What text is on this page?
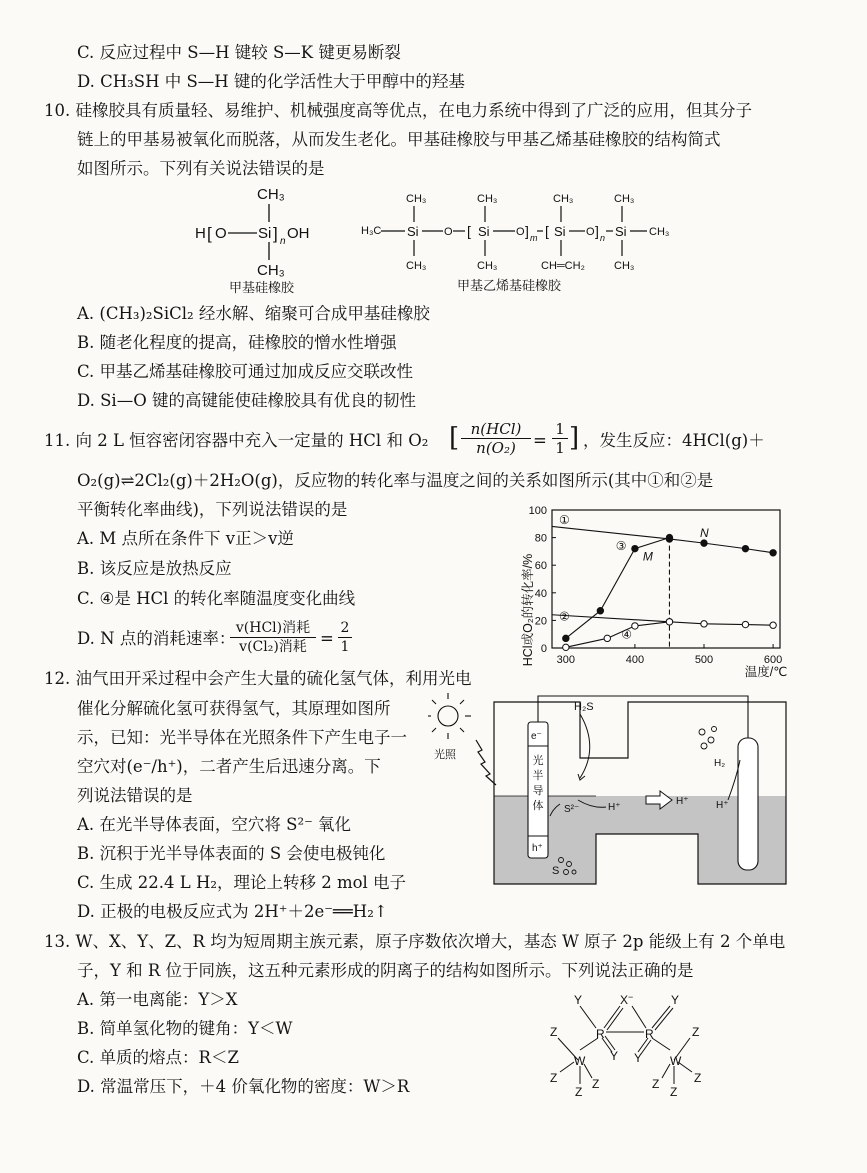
C. 反应过程中 S—H 键较 S—K 键更易断裂
D. CH₃SH 中 S—H 键的化学活性大于甲醇中的羟基
10. 硅橡胶具有质量轻、易维护、机械强度高等优点，在电力系统中得到了广泛的应用，但其分子
链上的甲基易被氧化而脱落，从而发生老化。甲基硅橡胶与甲基乙烯基硅橡胶的结构简式
如图所示。下列有关说法错误的是
CH₃
H [ O Si ] n OH
CH₃
甲基硅橡胶
H₃C Si
CH₃
CH₃
O [ Si
CH₃
CH₃
O ] m [ Si
CH₃
CH═CH₂
O ] n Si
CH₃
CH₃
CH₃
甲基乙烯基硅橡胶
A. (CH₃)₂SiCl₂ 经水解、缩聚可合成甲基硅橡胶
B. 随老化程度的提高，硅橡胶的憎水性增强
C. 甲基乙烯基硅橡胶可通过加成反应交联改性
D. Si—O 键的高键能使硅橡胶具有优良的韧性
11. 向 2 L 恒容密闭容器中充入一定量的 HCl 和 O₂ [ n(HCl)
n(O₂)	=
1
1 ] ，发生反应：4HCl(g)＋
O₂(g)⇌2Cl₂(g)＋2H₂O(g)，反应物的转化率与温度之间的关系如图所示(其中①和②是
平衡转化率曲线)，下列说法错误的是
A. M 点所在条件下 v正＞v逆
B. 该反应是放热反应
C. ④是 HCl 的转化率随温度变化曲线
D. N 点的消耗速率：
v(HCl)消耗
v(Cl₂)消耗 =
2
1	HCl或O₂的转化率/% 0
20
40
60
80
100
300	400	500	600
①
②
③
④
M
N
温度/℃
12. 油气田开采过程中会产生大量的硫化氢气体，利用光电
催化分解硫化氢可获得氢气，其原理如图所
示，已知：光半导体在光照条件下产生电子一
空穴对(e⁻/h⁺)，二者产生后迅速分离。下
列说法错误的是
A. 在光半导体表面，空穴将 S²⁻ 氧化
B. 沉积于光半导体表面的 S 会使电极钝化
C. 生成 22.4 L H₂，理论上转移 2 mol 电子
D. 正极的电极反应式为 2H⁺＋2e⁻══H₂↑
光照
e⁻
光半导体
h⁺
H₂S
S²⁻	H⁺
H⁺	H⁺
H₂
S
13. W、X、Y、Z、R 均为短周期主族元素，原子序数依次增大，基态 W 原子 2p 能级上有 2 个单电
子，Y 和 R 位于同族，这五种元素形成的阴离子的结构如图所示。下列说法正确的是
A. 第一电离能：Y＞X
B. 简单氢化物的键角：Y＜W
C. 单质的熔点：R＜Z
D. 常温常压下，＋4 价氧化物的密度：W＞R
Y	X −	Y
R	R
Y Y
W	W
Z
Z
Z
Z
Z
Z
Z
Z
